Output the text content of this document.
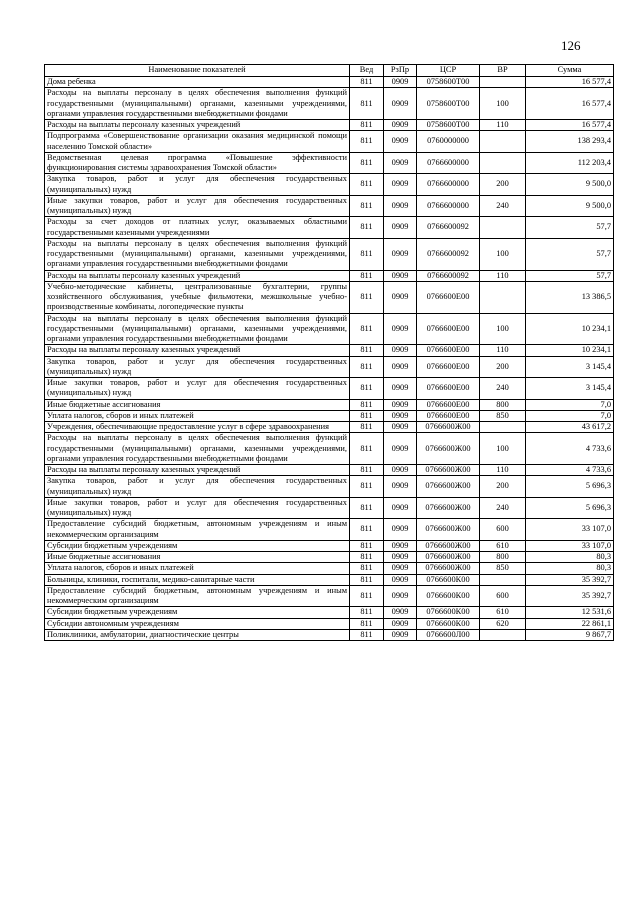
126
Наименование показателей	Вед	РзПр	ЦСР	ВР	Сумма
Дома ребенка	811	0909	0758600Т00		16 577,4
Расходы на выплаты персоналу в целях обеспечения выполнения функций государственными (муниципальными) органами, казенными учреждениями, органами управления государственными внебюджетными фондами	811	0909	0758600Т00	100	16 577,4
Расходы на выплаты персоналу казенных учреждений	811	0909	0758600Т00	110	16 577,4
Подпрограмма «Совершенствование организации оказания медицинской помощи населению Томской области»	811	0909	0760000000		138 293,4
Ведомственная целевая программа «Повышение эффективности функционирования системы здравоохранения Томской области»	811	0909	0766600000		112 203,4
Закупка товаров, работ и услуг для обеспечения государственных (муниципальных) нужд	811	0909	0766600000	200	9 500,0
Иные закупки товаров, работ и услуг для обеспечения государственных (муниципальных) нужд	811	0909	0766600000	240	9 500,0
Расходы за счет доходов от платных услуг, оказываемых областными государственными казенными учреждениями	811	0909	0766600092		57,7
Расходы на выплаты персоналу в целях обеспечения выполнения функций государственными (муниципальными) органами, казенными учреждениями, органами управления государственными внебюджетными фондами	811	0909	0766600092	100	57,7
Расходы на выплаты персоналу казенных учреждений	811	0909	0766600092	110	57,7
Учебно-методические кабинеты, централизованные бухгалтерии, группы хозяйственного обслуживания, учебные фильмотеки, межшкольные учебно-производственные комбинаты, логопедические пункты	811	0909	0766600Е00		13 386,5
Расходы на выплаты персоналу в целях обеспечения выполнения функций государственными (муниципальными) органами, казенными учреждениями, органами управления государственными внебюджетными фондами	811	0909	0766600Е00	100	10 234,1
Расходы на выплаты персоналу казенных учреждений	811	0909	0766600Е00	110	10 234,1
Закупка товаров, работ и услуг для обеспечения государственных (муниципальных) нужд	811	0909	0766600Е00	200	3 145,4
Иные закупки товаров, работ и услуг для обеспечения государственных (муниципальных) нужд	811	0909	0766600Е00	240	3 145,4
Иные бюджетные ассигнования	811	0909	0766600Е00	800	7,0
Уплата налогов, сборов и иных платежей	811	0909	0766600Е00	850	7,0
Учреждения, обеспечивающие предоставление услуг в сфере здравоохранения	811	0909	0766600Ж00		43 617,2
Расходы на выплаты персоналу в целях обеспечения выполнения функций государственными (муниципальными) органами, казенными учреждениями, органами управления государственными внебюджетными фондами	811	0909	0766600Ж00	100	4 733,6
Расходы на выплаты персоналу казенных учреждений	811	0909	0766600Ж00	110	4 733,6
Закупка товаров, работ и услуг для обеспечения государственных (муниципальных) нужд	811	0909	0766600Ж00	200	5 696,3
Иные закупки товаров, работ и услуг для обеспечения государственных (муниципальных) нужд	811	0909	0766600Ж00	240	5 696,3
Предоставление субсидий бюджетным, автономным учреждениям и иным некоммерческим организациям	811	0909	0766600Ж00	600	33 107,0
Субсидии бюджетным учреждениям	811	0909	0766600Ж00	610	33 107,0
Иные бюджетные ассигнования	811	0909	0766600Ж00	800	80,3
Уплата налогов, сборов и иных платежей	811	0909	0766600Ж00	850	80,3
Больницы, клиники, госпитали, медико-санитарные части	811	0909	0766600К00		35 392,7
Предоставление субсидий бюджетным, автономным учреждениям и иным некоммерческим организациям	811	0909	0766600К00	600	35 392,7
Субсидии бюджетным учреждениям	811	0909	0766600К00	610	12 531,6
Субсидии автономным учреждениям	811	0909	0766600К00	620	22 861,1
Поликлиники, амбулатории, диагностические центры	811	0909	0766600Л00		9 867,7
